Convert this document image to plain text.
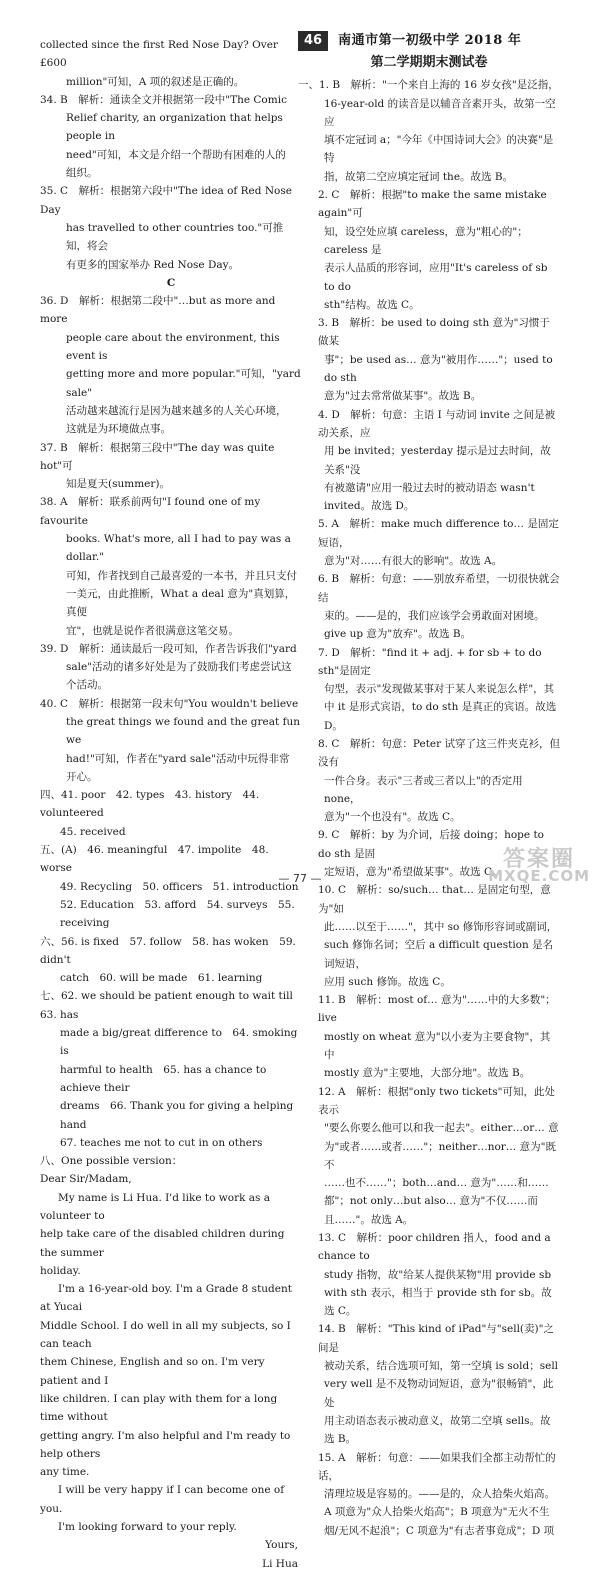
collected since the first Red Nose Day? Over £600

million"可知，A 项的叙述是正确的。

34. B　解析：通读全文并根据第一段中"The Comic

Relief charity, an organization that helps people in

need"可知，本文是介绍一个帮助有困难的人的

组织。

35. C　解析：根据第六段中"The idea of Red Nose Day

has travelled to other countries too."可推知，将会

有更多的国家举办 Red Nose Day。

C

36. D　解析：根据第二段中"…but as more and more

people care about the environment, this event is

getting more and more popular."可知，"yard sale"

活动越来越流行是因为越来越多的人关心环境，

这就是为环境做点事。

37. B　解析：根据第三段中"The day was quite hot"可

知是夏天(summer)。

38. A　解析：联系前两句"I found one of my favourite

books. What's more, all I had to pay was a dollar."

可知，作者找到自己最喜爱的一本书，并且只支付

一美元，由此推断，What a deal 意为"真划算，真便

宜"，也就是说作者很满意这笔交易。

39. D　解析：通读最后一段可知，作者告诉我们"yard

sale"活动的诸多好处是为了鼓励我们考虑尝试这

个活动。

40. C　解析：根据第一段末句"You wouldn't believe

the great things we found and the great fun we

had!"可知，作者在"yard sale"活动中玩得非常

开心。

四、41. poor　42. types　43. history　44. volunteered

45. received

五、(A)　46. meaningful　47. impolite　48. worse

49. Recycling　50. officers　51. introduction

52. Education　53. afford　54. surveys　55. receiving

六、56. is fixed　57. follow　58. has woken　59. didn't

catch　60. will be made　61. learning

七、62. we should be patient enough to wait till　63. has

made a big/great difference to　64. smoking is

harmful to health　65. has a chance to achieve their

dreams　66. Thank you for giving a helping hand

67. teaches me not to cut in on others

八、One possible version：

Dear Sir/Madam,

My name is Li Hua. I'd like to work as a volunteer to

help take care of the disabled children during the summer

holiday.

I'm a 16-year-old boy. I'm a Grade 8 student at Yucai

Middle School. I do well in all my subjects, so I can teach

them Chinese, English and so on. I'm very patient and I

like children. I can play with them for a long time without

getting angry. I'm also helpful and I'm ready to help others

any time.

I will be very happy if I can become one of you.

I'm looking forward to your reply.

Yours,

Li Hua

46	南通市第一初级中学 2018 年

第二学期期末测试卷

一、1. B　解析："一个来自上海的 16 岁女孩"是泛指，

16-year-old 的读音是以辅音音素开头，故第一空应

填不定冠词 a；"今年《中国诗词大会》的决赛"是特

指，故第二空应填定冠词 the。故选 B。

2. C　解析：根据"to make the same mistake again"可

知，设空处应填 careless，意为"粗心的"；careless 是

表示人品质的形容词，应用"It's careless of sb to do

sth"结构。故选 C。

3. B　解析：be used to doing sth 意为"习惯于做某

事"；be used as… 意为"被用作……"；used to do sth

意为"过去常常做某事"。故选 B。

4. D　解析：句意：主语 I 与动词 invite 之间是被动关系，应

用 be invited；yesterday 提示是过去时间，故关系"没

有被邀请"应用一般过去时的被动语态 wasn't

invited。故选 D。

5. A　解析：make much difference to… 是固定短语，

意为"对……有很大的影响"。故选 A。

6. B　解析：句意：——别放弃希望，一切很快就会结

束的。——是的，我们应该学会勇敢面对困境。

give up 意为"放弃"。故选 B。

7. D　解析："find it + adj. + for sb + to do sth"是固定

句型，表示"发现做某事对于某人来说怎么样"，其

中 it 是形式宾语，to do sth 是真正的宾语。故选 D。

8. C　解析：句意：Peter 试穿了这三件夹克衫，但没有

一件合身。表示"三者或三者以上"的否定用 none，

意为"一个也没有"。故选 C。

9. C　解析：by 为介词，后接 doing；hope to do sth 是固

定短语，意为"希望做某事"。故选 C。

10. C　解析：so/such… that… 是固定句型，意为"如

此……以至于……"，其中 so 修饰形容词或副词，

such 修饰名词；空后 a difficult question 是名词短语，

应用 such 修饰。故选 C。

11. B　解析：most of… 意为"……中的大多数"；live

mostly on wheat 意为"以小麦为主要食物"，其中

mostly 意为"主要地，大部分地"。故选 B。

12. A　解析：根据"only two tickets"可知，此处表示

"要么你要么他可以和我一起去"。either…or… 意

为"或者……或者……"；neither…nor… 意为"既不

……也不……"；both…and… 意为"……和……

都"；not only…but also… 意为"不仅……而

且……"。故选 A。

13. C　解析：poor children 指人，food and a chance to

study 指物，故"给某人提供某物"用 provide sb

with sth 表示，相当于 provide sth for sb。故选 C。

14. B　解析："This kind of iPad"与"sell(卖)"之间是

被动关系，结合选项可知，第一空填 is sold；sell

very well 是不及物动词短语，意为"很畅销"，此处

用主动语态表示被动意义，故第二空填 sells。故选 B。

15. A　解析：句意：——如果我们全都主动帮忙的话，

清理垃圾是容易的。——是的，众人拾柴火焰高。

A 项意为"众人拾柴火焰高"；B 项意为"无火不生

烟/无风不起浪"；C 项意为"有志者事竟成"；D 项

— 77 —
答案圈
MXQE.COM
